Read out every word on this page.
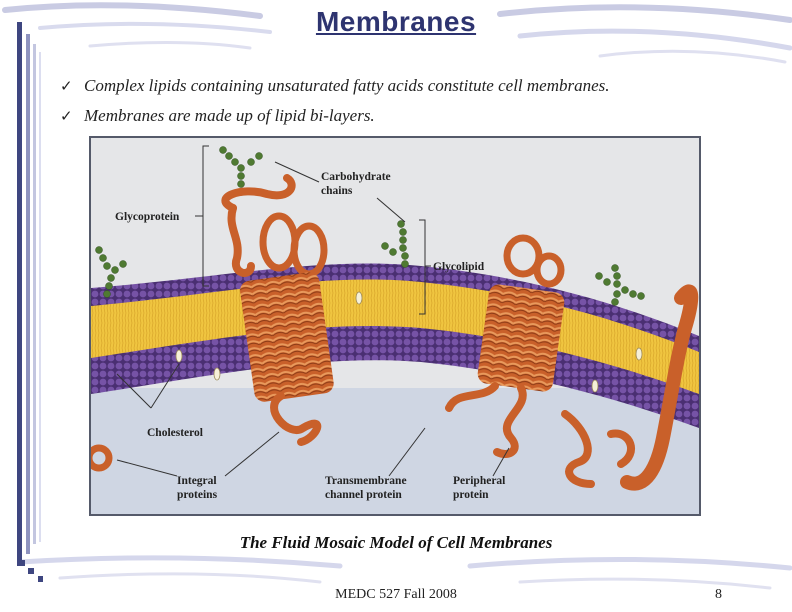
Membranes
✓ Complex lipids containing unsaturated fatty acids constitute cell membranes.
✓ Membranes are made up of lipid bi-layers.
Carbohydrate
chains
Glycoprotein
Glycolipid
Cholesterol
Integral
proteins
Transmembrane
channel protein
Peripheral
protein
The Fluid Mosaic Model of Cell Membranes
MEDC 527 Fall 2008	8
